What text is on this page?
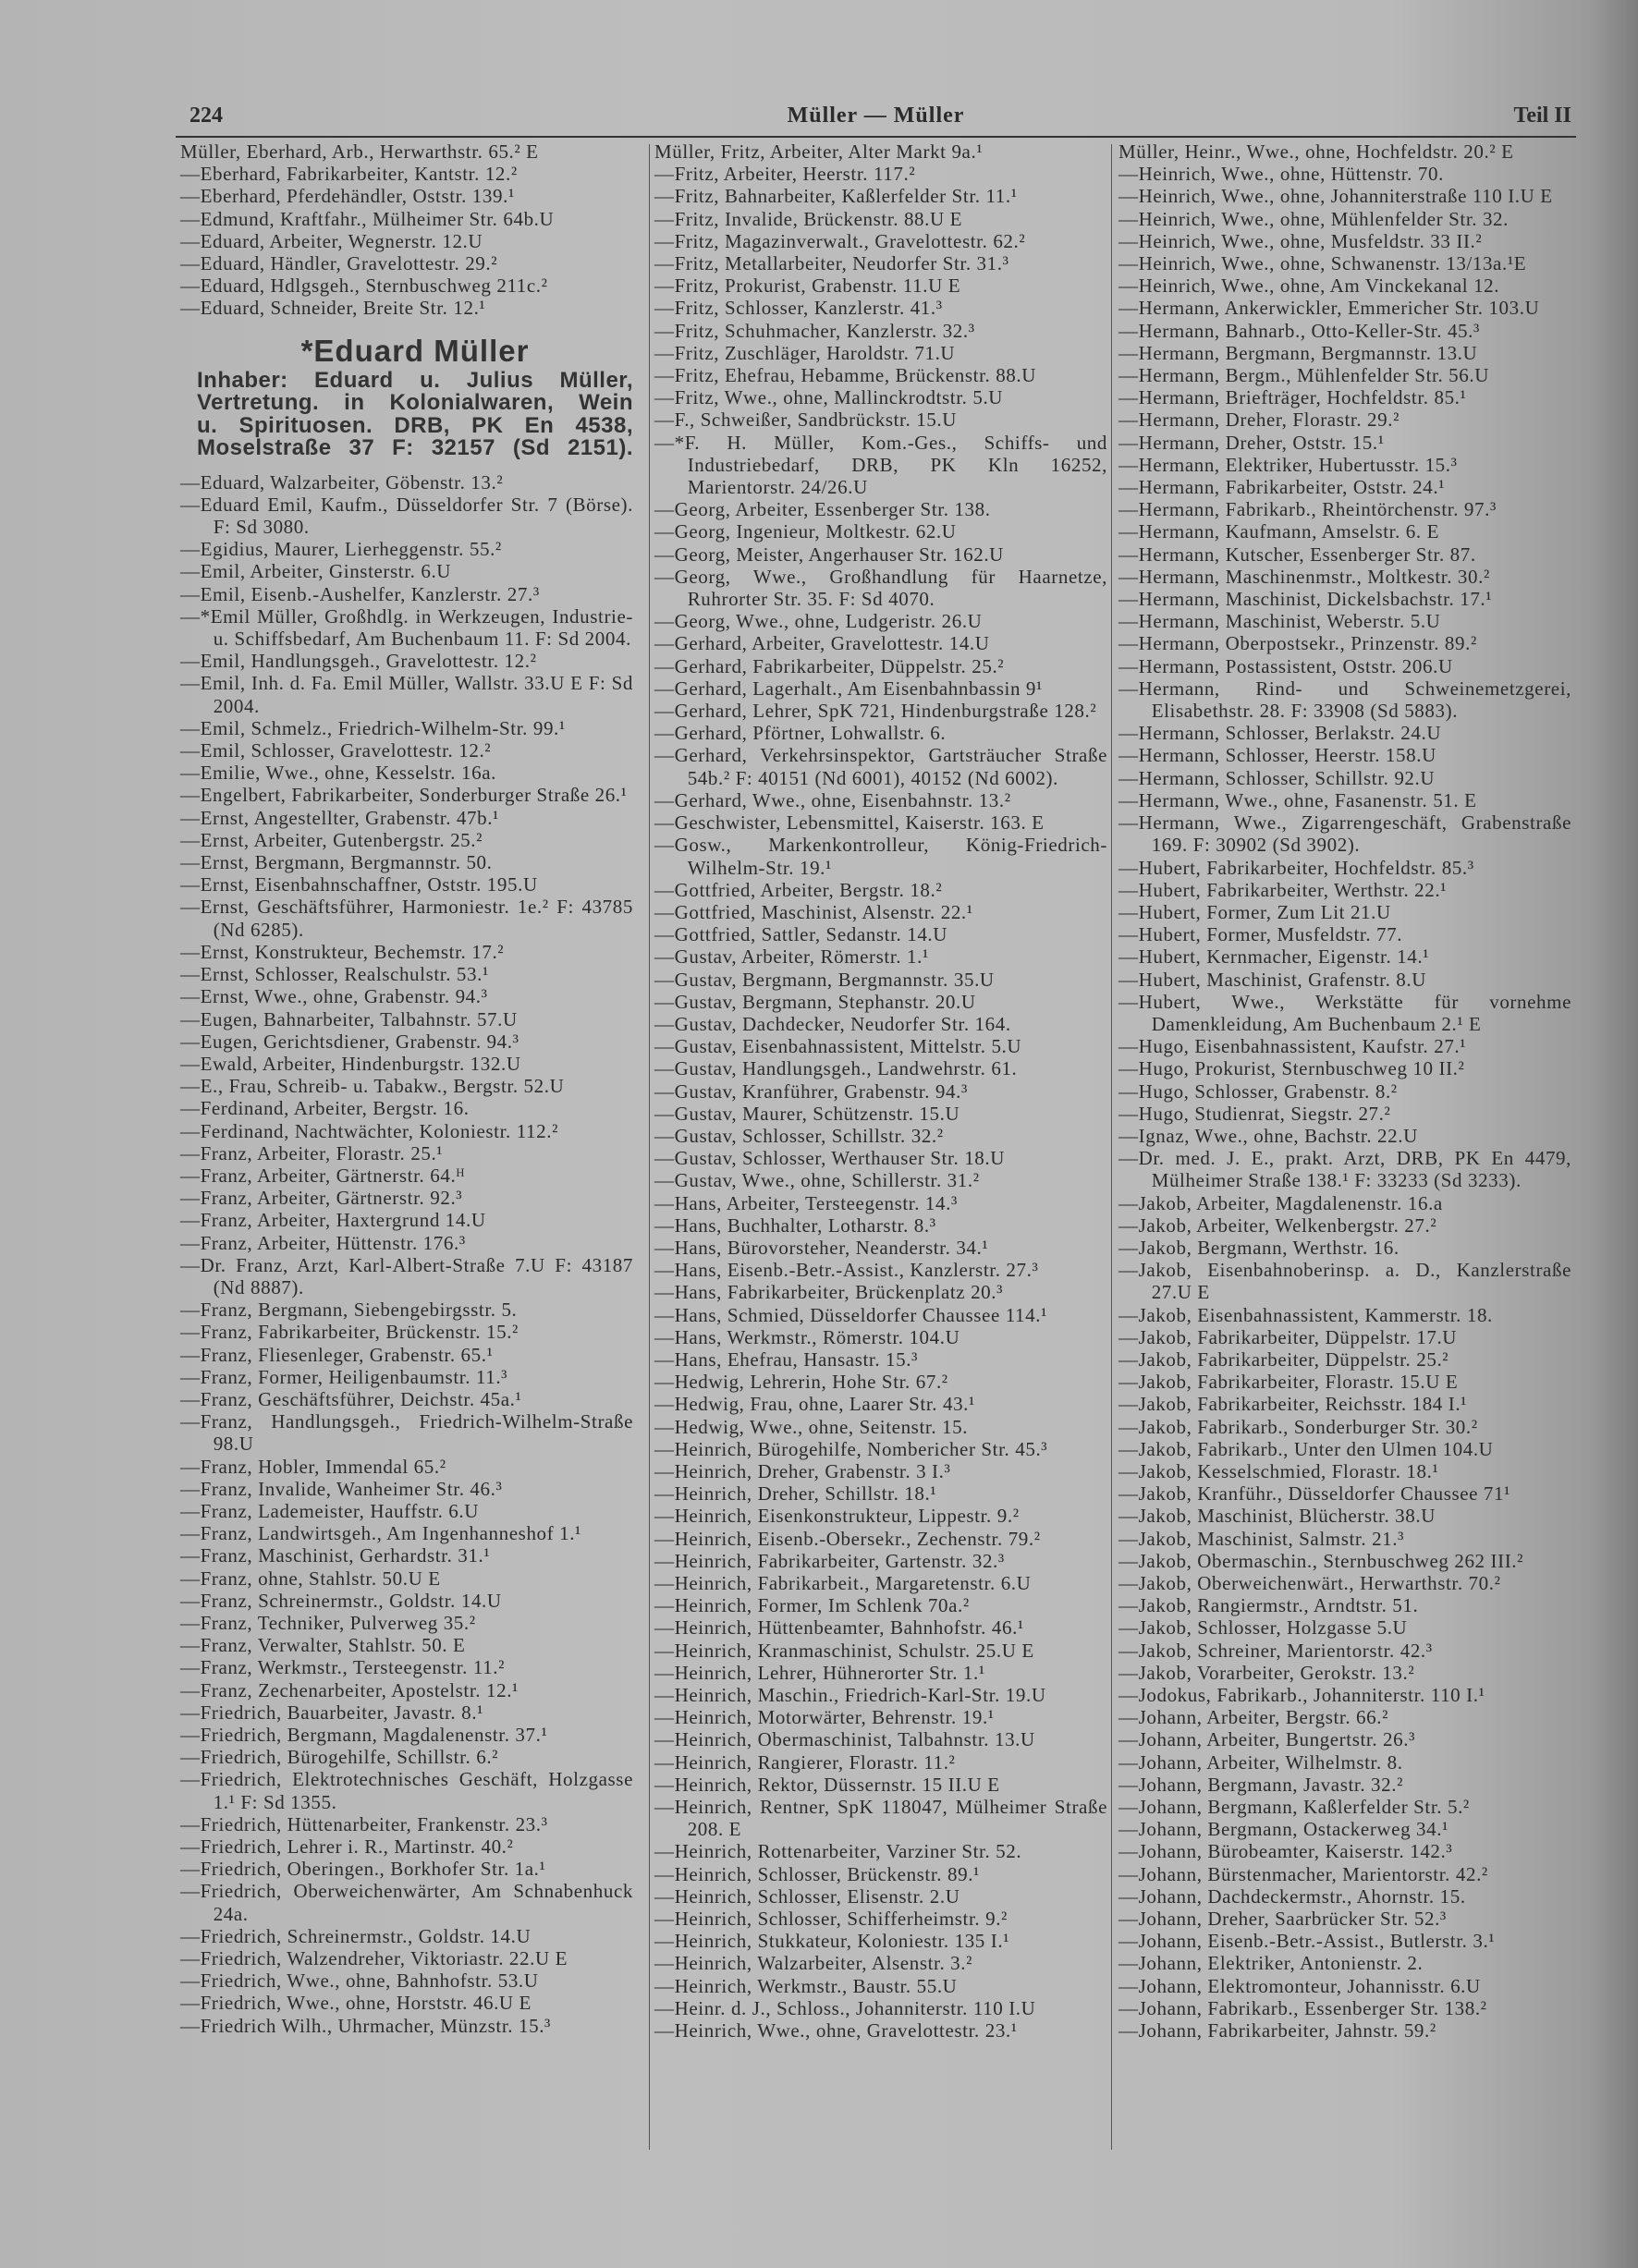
224	Müller — Müller	Teil II
Müller, Eberhard, Arb., Herwarthstr. 65.² E
—Eberhard, Fabrikarbeiter, Kantstr. 12.²
—Eberhard, Pferdehändler, Oststr. 139.¹
—Edmund, Kraftfahr., Mülheimer Str. 64b.U
—Eduard, Arbeiter, Wegnerstr. 12.U
—Eduard, Händler, Gravelottestr. 29.²
—Eduard, Hdlgsgeh., Sternbuschweg 211c.²
—Eduard, Schneider, Breite Str. 12.¹
*Eduard Müller
Inhaber: Eduard u. Julius Müller,
Vertretung. in Kolonialwaren, Wein
u. Spirituosen. DRB, PK En 4538,
Moselstraße 37 F: 32157 (Sd 2151).
—Eduard, Walzarbeiter, Göbenstr. 13.²
—Eduard Emil, Kaufm., Düsseldorfer Str. 7 (Börse). F: Sd 3080.
—Egidius, Maurer, Lierheggenstr. 55.²
—Emil, Arbeiter, Ginsterstr. 6.U
—Emil, Eisenb.-Aushelfer, Kanzlerstr. 27.³
—*Emil Müller, Großhdlg. in Werkzeugen, Industrie- u. Schiffsbedarf, Am Buchenbaum 11. F: Sd 2004.
—Emil, Handlungsgeh., Gravelottestr. 12.²
—Emil, Inh. d. Fa. Emil Müller, Wallstr. 33.U E F: Sd 2004.
—Emil, Schmelz., Friedrich-Wilhelm-Str. 99.¹
—Emil, Schlosser, Gravelottestr. 12.²
—Emilie, Wwe., ohne, Kesselstr. 16a.
—Engelbert, Fabrikarbeiter, Sonderburger Straße 26.¹
—Ernst, Angestellter, Grabenstr. 47b.¹
—Ernst, Arbeiter, Gutenbergstr. 25.²
—Ernst, Bergmann, Bergmannstr. 50.
—Ernst, Eisenbahnschaffner, Oststr. 195.U
—Ernst, Geschäftsführer, Harmoniestr. 1e.² F: 43785 (Nd 6285).
—Ernst, Konstrukteur, Bechemstr. 17.²
—Ernst, Schlosser, Realschulstr. 53.¹
—Ernst, Wwe., ohne, Grabenstr. 94.³
—Eugen, Bahnarbeiter, Talbahnstr. 57.U
—Eugen, Gerichtsdiener, Grabenstr. 94.³
—Ewald, Arbeiter, Hindenburgstr. 132.U
—E., Frau, Schreib- u. Tabakw., Bergstr. 52.U
—Ferdinand, Arbeiter, Bergstr. 16.
—Ferdinand, Nachtwächter, Koloniestr. 112.²
—Franz, Arbeiter, Florastr. 25.¹
—Franz, Arbeiter, Gärtnerstr. 64.ᴴ
—Franz, Arbeiter, Gärtnerstr. 92.³
—Franz, Arbeiter, Haxtergrund 14.U
—Franz, Arbeiter, Hüttenstr. 176.³
—Dr. Franz, Arzt, Karl-Albert-Straße 7.U F: 43187 (Nd 8887).
—Franz, Bergmann, Siebengebirgsstr. 5.
—Franz, Fabrikarbeiter, Brückenstr. 15.²
—Franz, Fliesenleger, Grabenstr. 65.¹
—Franz, Former, Heiligenbaumstr. 11.³
—Franz, Geschäftsführer, Deichstr. 45a.¹
—Franz, Handlungsgeh., Friedrich-Wilhelm-Straße 98.U
—Franz, Hobler, Immendal 65.²
—Franz, Invalide, Wanheimer Str. 46.³
—Franz, Lademeister, Hauffstr. 6.U
—Franz, Landwirtsgeh., Am Ingenhanneshof 1.¹
—Franz, Maschinist, Gerhardstr. 31.¹
—Franz, ohne, Stahlstr. 50.U E
—Franz, Schreinermstr., Goldstr. 14.U
—Franz, Techniker, Pulverweg 35.²
—Franz, Verwalter, Stahlstr. 50. E
—Franz, Werkmstr., Tersteegenstr. 11.²
—Franz, Zechenarbeiter, Apostelstr. 12.¹
—Friedrich, Bauarbeiter, Javastr. 8.¹
—Friedrich, Bergmann, Magdalenenstr. 37.¹
—Friedrich, Bürogehilfe, Schillstr. 6.²
—Friedrich, Elektrotechnisches Geschäft, Holzgasse 1.¹ F: Sd 1355.
—Friedrich, Hüttenarbeiter, Frankenstr. 23.³
—Friedrich, Lehrer i. R., Martinstr. 40.²
—Friedrich, Oberingen., Borkhofer Str. 1a.¹
—Friedrich, Oberweichenwärter, Am Schnabenhuck 24a.
—Friedrich, Schreinermstr., Goldstr. 14.U
—Friedrich, Walzendreher, Viktoriastr. 22.U E
—Friedrich, Wwe., ohne, Bahnhofstr. 53.U
—Friedrich, Wwe., ohne, Horststr. 46.U E
—Friedrich Wilh., Uhrmacher, Münzstr. 15.³
Müller, Fritz, Arbeiter, Alter Markt 9a.¹
—Fritz, Arbeiter, Heerstr. 117.²
—Fritz, Bahnarbeiter, Kaßlerfelder Str. 11.¹
—Fritz, Invalide, Brückenstr. 88.U E
—Fritz, Magazinverwalt., Gravelottestr. 62.²
—Fritz, Metallarbeiter, Neudorfer Str. 31.³
—Fritz, Prokurist, Grabenstr. 11.U E
—Fritz, Schlosser, Kanzlerstr. 41.³
—Fritz, Schuhmacher, Kanzlerstr. 32.³
—Fritz, Zuschläger, Haroldstr. 71.U
—Fritz, Ehefrau, Hebamme, Brückenstr. 88.U
—Fritz, Wwe., ohne, Mallinckrodtstr. 5.U
—F., Schweißer, Sandbrückstr. 15.U
—*F. H. Müller, Kom.-Ges., Schiffs- und Industriebedarf, DRB, PK Kln 16252, Marientorstr. 24/26.U
—Georg, Arbeiter, Essenberger Str. 138.
—Georg, Ingenieur, Moltkestr. 62.U
—Georg, Meister, Angerhauser Str. 162.U
—Georg, Wwe., Großhandlung für Haarnetze, Ruhrorter Str. 35. F: Sd 4070.
—Georg, Wwe., ohne, Ludgeristr. 26.U
—Gerhard, Arbeiter, Gravelottestr. 14.U
—Gerhard, Fabrikarbeiter, Düppelstr. 25.²
—Gerhard, Lagerhalt., Am Eisenbahnbassin 9¹
—Gerhard, Lehrer, SpK 721, Hindenburgstraße 128.²
—Gerhard, Pförtner, Lohwallstr. 6.
—Gerhard, Verkehrsinspektor, Gartsträucher Straße 54b.² F: 40151 (Nd 6001), 40152 (Nd 6002).
—Gerhard, Wwe., ohne, Eisenbahnstr. 13.²
—Geschwister, Lebensmittel, Kaiserstr. 163. E
—Gosw., Markenkontrolleur, König-Friedrich-Wilhelm-Str. 19.¹
—Gottfried, Arbeiter, Bergstr. 18.²
—Gottfried, Maschinist, Alsenstr. 22.¹
—Gottfried, Sattler, Sedanstr. 14.U
—Gustav, Arbeiter, Römerstr. 1.¹
—Gustav, Bergmann, Bergmannstr. 35.U
—Gustav, Bergmann, Stephanstr. 20.U
—Gustav, Dachdecker, Neudorfer Str. 164.
—Gustav, Eisenbahnassistent, Mittelstr. 5.U
—Gustav, Handlungsgeh., Landwehrstr. 61.
—Gustav, Kranführer, Grabenstr. 94.³
—Gustav, Maurer, Schützenstr. 15.U
—Gustav, Schlosser, Schillstr. 32.²
—Gustav, Schlosser, Werthauser Str. 18.U
—Gustav, Wwe., ohne, Schillerstr. 31.²
—Hans, Arbeiter, Tersteegenstr. 14.³
—Hans, Buchhalter, Lotharstr. 8.³
—Hans, Bürovorsteher, Neanderstr. 34.¹
—Hans, Eisenb.-Betr.-Assist., Kanzlerstr. 27.³
—Hans, Fabrikarbeiter, Brückenplatz 20.³
—Hans, Schmied, Düsseldorfer Chaussee 114.¹
—Hans, Werkmstr., Römerstr. 104.U
—Hans, Ehefrau, Hansastr. 15.³
—Hedwig, Lehrerin, Hohe Str. 67.²
—Hedwig, Frau, ohne, Laarer Str. 43.¹
—Hedwig, Wwe., ohne, Seitenstr. 15.
—Heinrich, Bürogehilfe, Nombericher Str. 45.³
—Heinrich, Dreher, Grabenstr. 3 I.³
—Heinrich, Dreher, Schillstr. 18.¹
—Heinrich, Eisenkonstrukteur, Lippestr. 9.²
—Heinrich, Eisenb.-Obersekr., Zechenstr. 79.²
—Heinrich, Fabrikarbeiter, Gartenstr. 32.³
—Heinrich, Fabrikarbeit., Margaretenstr. 6.U
—Heinrich, Former, Im Schlenk 70a.²
—Heinrich, Hüttenbeamter, Bahnhofstr. 46.¹
—Heinrich, Kranmaschinist, Schulstr. 25.U E
—Heinrich, Lehrer, Hühnerorter Str. 1.¹
—Heinrich, Maschin., Friedrich-Karl-Str. 19.U
—Heinrich, Motorwärter, Behrenstr. 19.¹
—Heinrich, Obermaschinist, Talbahnstr. 13.U
—Heinrich, Rangierer, Florastr. 11.²
—Heinrich, Rektor, Düssernstr. 15 II.U E
—Heinrich, Rentner, SpK 118047, Mülheimer Straße 208. E
—Heinrich, Rottenarbeiter, Varziner Str. 52.
—Heinrich, Schlosser, Brückenstr. 89.¹
—Heinrich, Schlosser, Elisenstr. 2.U
—Heinrich, Schlosser, Schifferheimstr. 9.²
—Heinrich, Stukkateur, Koloniestr. 135 I.¹
—Heinrich, Walzarbeiter, Alsenstr. 3.²
—Heinrich, Werkmstr., Baustr. 55.U
—Heinr. d. J., Schloss., Johanniterstr. 110 I.U
—Heinrich, Wwe., ohne, Gravelottestr. 23.¹
Müller, Heinr., Wwe., ohne, Hochfeldstr. 20.² E
—Heinrich, Wwe., ohne, Hüttenstr. 70.
—Heinrich, Wwe., ohne, Johanniterstraße 110 I.U E
—Heinrich, Wwe., ohne, Mühlenfelder Str. 32.
—Heinrich, Wwe., ohne, Musfeldstr. 33 II.²
—Heinrich, Wwe., ohne, Schwanenstr. 13/13a.¹E
—Heinrich, Wwe., ohne, Am Vinckekanal 12.
—Hermann, Ankerwickler, Emmericher Str. 103.U
—Hermann, Bahnarb., Otto-Keller-Str. 45.³
—Hermann, Bergmann, Bergmannstr. 13.U
—Hermann, Bergm., Mühlenfelder Str. 56.U
—Hermann, Briefträger, Hochfeldstr. 85.¹
—Hermann, Dreher, Florastr. 29.²
—Hermann, Dreher, Oststr. 15.¹
—Hermann, Elektriker, Hubertusstr. 15.³
—Hermann, Fabrikarbeiter, Oststr. 24.¹
—Hermann, Fabrikarb., Rheintörchenstr. 97.³
—Hermann, Kaufmann, Amselstr. 6. E
—Hermann, Kutscher, Essenberger Str. 87.
—Hermann, Maschinenmstr., Moltkestr. 30.²
—Hermann, Maschinist, Dickelsbachstr. 17.¹
—Hermann, Maschinist, Weberstr. 5.U
—Hermann, Oberpostsekr., Prinzenstr. 89.²
—Hermann, Postassistent, Oststr. 206.U
—Hermann, Rind- und Schweinemetzgerei, Elisabethstr. 28. F: 33908 (Sd 5883).
—Hermann, Schlosser, Berlakstr. 24.U
—Hermann, Schlosser, Heerstr. 158.U
—Hermann, Schlosser, Schillstr. 92.U
—Hermann, Wwe., ohne, Fasanenstr. 51. E
—Hermann, Wwe., Zigarrengeschäft, Grabenstraße 169. F: 30902 (Sd 3902).
—Hubert, Fabrikarbeiter, Hochfeldstr. 85.³
—Hubert, Fabrikarbeiter, Werthstr. 22.¹
—Hubert, Former, Zum Lit 21.U
—Hubert, Former, Musfeldstr. 77.
—Hubert, Kernmacher, Eigenstr. 14.¹
—Hubert, Maschinist, Grafenstr. 8.U
—Hubert, Wwe., Werkstätte für vornehme Damenkleidung, Am Buchenbaum 2.¹ E
—Hugo, Eisenbahnassistent, Kaufstr. 27.¹
—Hugo, Prokurist, Sternbuschweg 10 II.²
—Hugo, Schlosser, Grabenstr. 8.²
—Hugo, Studienrat, Siegstr. 27.²
—Ignaz, Wwe., ohne, Bachstr. 22.U
—Dr. med. J. E., prakt. Arzt, DRB, PK En 4479, Mülheimer Straße 138.¹ F: 33233 (Sd 3233).
—Jakob, Arbeiter, Magdalenenstr. 16.a
—Jakob, Arbeiter, Welkenbergstr. 27.²
—Jakob, Bergmann, Werthstr. 16.
—Jakob, Eisenbahnoberinsp. a. D., Kanzlerstraße 27.U E
—Jakob, Eisenbahnassistent, Kammerstr. 18.
—Jakob, Fabrikarbeiter, Düppelstr. 17.U
—Jakob, Fabrikarbeiter, Düppelstr. 25.²
—Jakob, Fabrikarbeiter, Florastr. 15.U E
—Jakob, Fabrikarbeiter, Reichsstr. 184 I.¹
—Jakob, Fabrikarb., Sonderburger Str. 30.²
—Jakob, Fabrikarb., Unter den Ulmen 104.U
—Jakob, Kesselschmied, Florastr. 18.¹
—Jakob, Kranführ., Düsseldorfer Chaussee 71¹
—Jakob, Maschinist, Blücherstr. 38.U
—Jakob, Maschinist, Salmstr. 21.³
—Jakob, Obermaschin., Sternbuschweg 262 III.²
—Jakob, Oberweichenwärt., Herwarthstr. 70.²
—Jakob, Rangiermstr., Arndtstr. 51.
—Jakob, Schlosser, Holzgasse 5.U
—Jakob, Schreiner, Marientorstr. 42.³
—Jakob, Vorarbeiter, Gerokstr. 13.²
—Jodokus, Fabrikarb., Johanniterstr. 110 I.¹
—Johann, Arbeiter, Bergstr. 66.²
—Johann, Arbeiter, Bungertstr. 26.³
—Johann, Arbeiter, Wilhelmstr. 8.
—Johann, Bergmann, Javastr. 32.²
—Johann, Bergmann, Kaßlerfelder Str. 5.²
—Johann, Bergmann, Ostackerweg 34.¹
—Johann, Bürobeamter, Kaiserstr. 142.³
—Johann, Bürstenmacher, Marientorstr. 42.²
—Johann, Dachdeckermstr., Ahornstr. 15.
—Johann, Dreher, Saarbrücker Str. 52.³
—Johann, Eisenb.-Betr.-Assist., Butlerstr. 3.¹
—Johann, Elektriker, Antonienstr. 2.
—Johann, Elektromonteur, Johannisstr. 6.U
—Johann, Fabrikarb., Essenberger Str. 138.²
—Johann, Fabrikarbeiter, Jahnstr. 59.²
